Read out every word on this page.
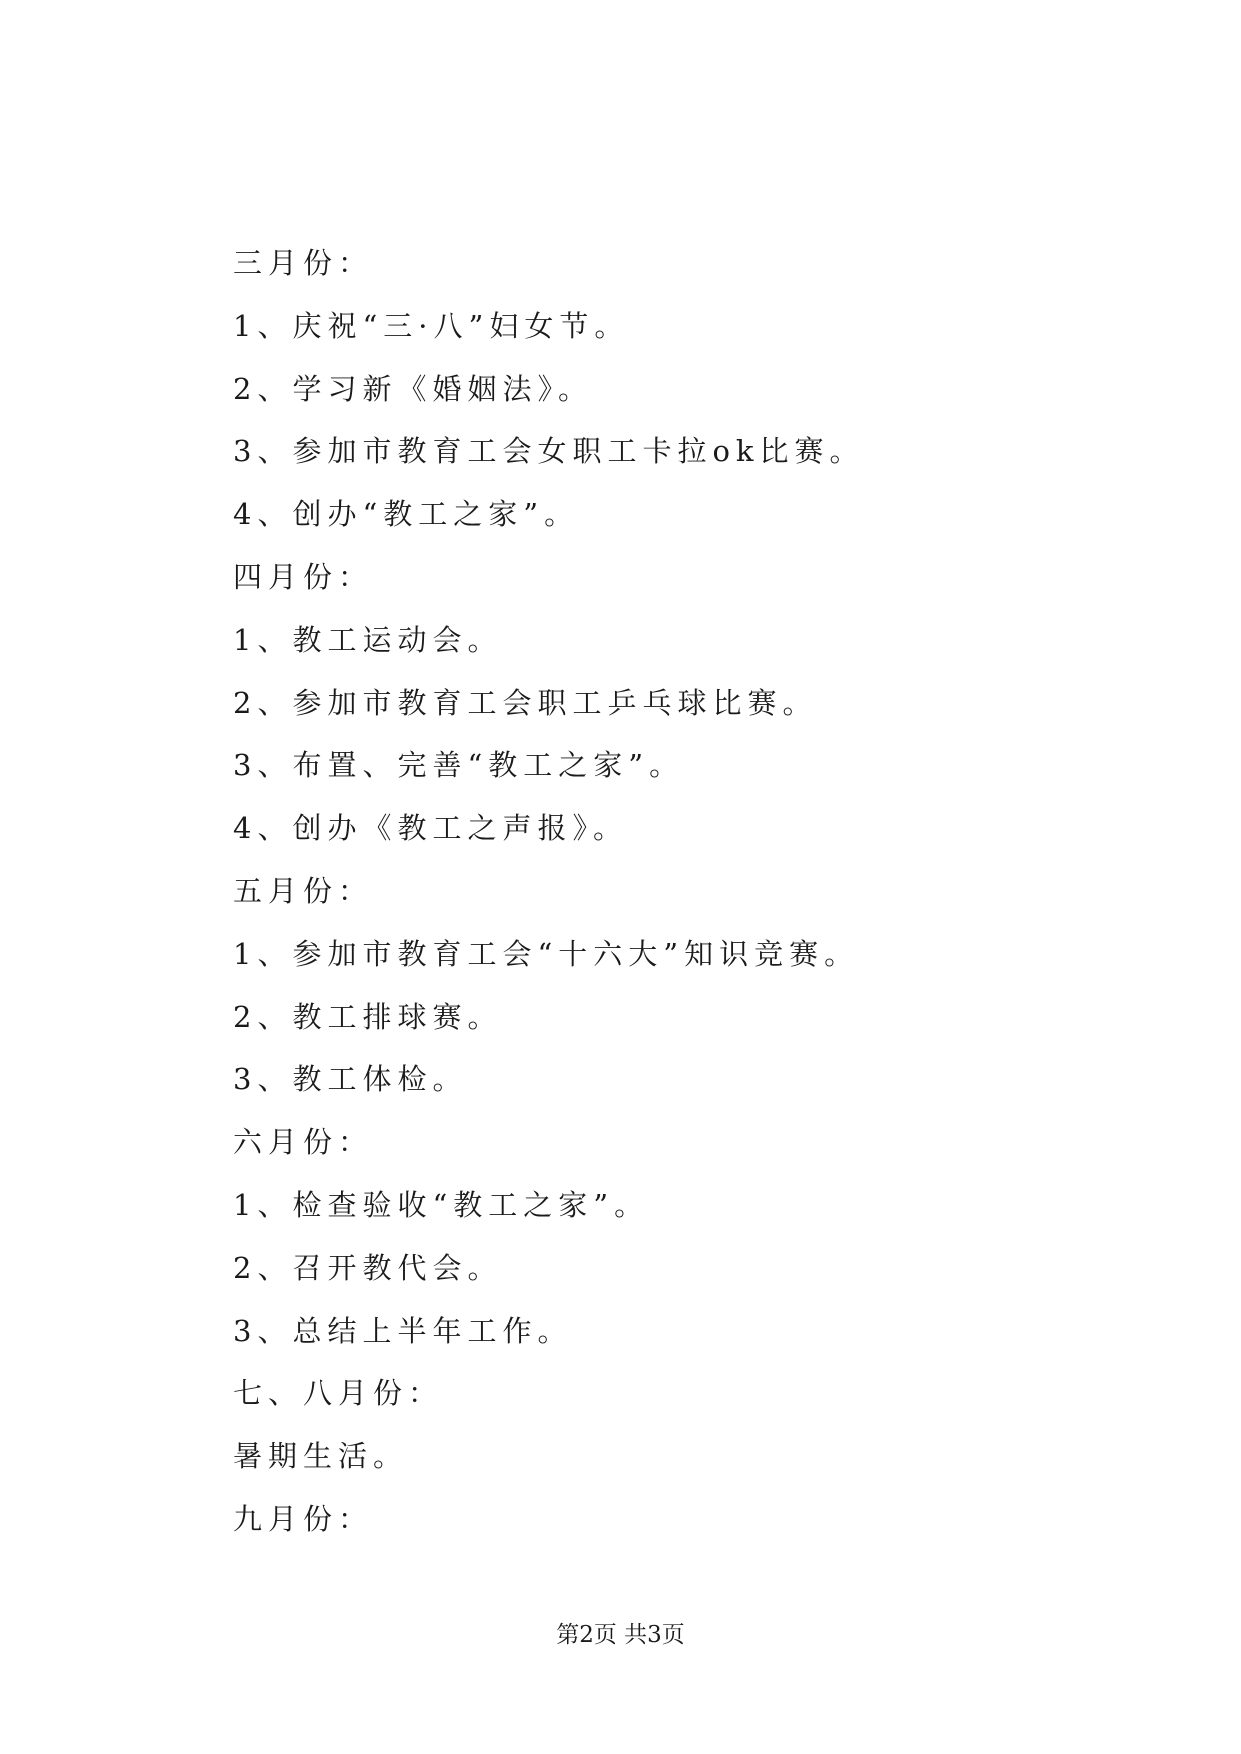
三月份：
1、庆祝“三·八”妇女节。
2、学习新《婚姻法》。
3、参加市教育工会女职工卡拉ok比赛。
4、创办“教工之家”。
四月份：
1、教工运动会。
2、参加市教育工会职工乒乓球比赛。
3、布置、完善“教工之家”。
4、创办《教工之声报》。
五月份：
1、参加市教育工会“十六大”知识竞赛。
2、教工排球赛。
3、教工体检。
六月份：
1、检查验收“教工之家”。
2、召开教代会。
3、总结上半年工作。
七、八月份：
暑期生活。
九月份：
第2页 共3页
